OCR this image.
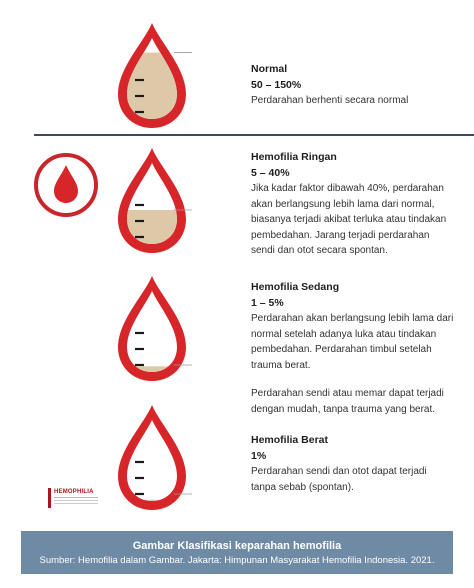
Normal
50 – 150%

Perdarahan berhenti secara normal

Hemofilia Ringan
5 – 40%

Jika kadar faktor dibawah 40%, perdarahan akan berlangsung lebih lama dari normal, biasanya terjadi akibat terluka atau tindakan pembedahan. Jarang terjadi perdarahan sendi dan otot secara spontan.

Hemofilia Sedang
1 – 5%

Perdarahan akan berlangsung lebih lama dari normal setelah adanya luka atau tindakan pembedahan. Perdarahan timbul setelah trauma berat.

Perdarahan sendi atau memar dapat terjadi dengan mudah, tanpa trauma yang berat.

Hemofilia Berat
1%

Perdarahan sendi dan otot dapat terjadi tanpa sebab (spontan).

HEMOPHILIA
Gambar Klasifikasi keparahan hemofilia
Sumber: Hemofilia dalam Gambar. Jakarta: Himpunan Masyarakat Hemofilia Indonesia. 2021.
